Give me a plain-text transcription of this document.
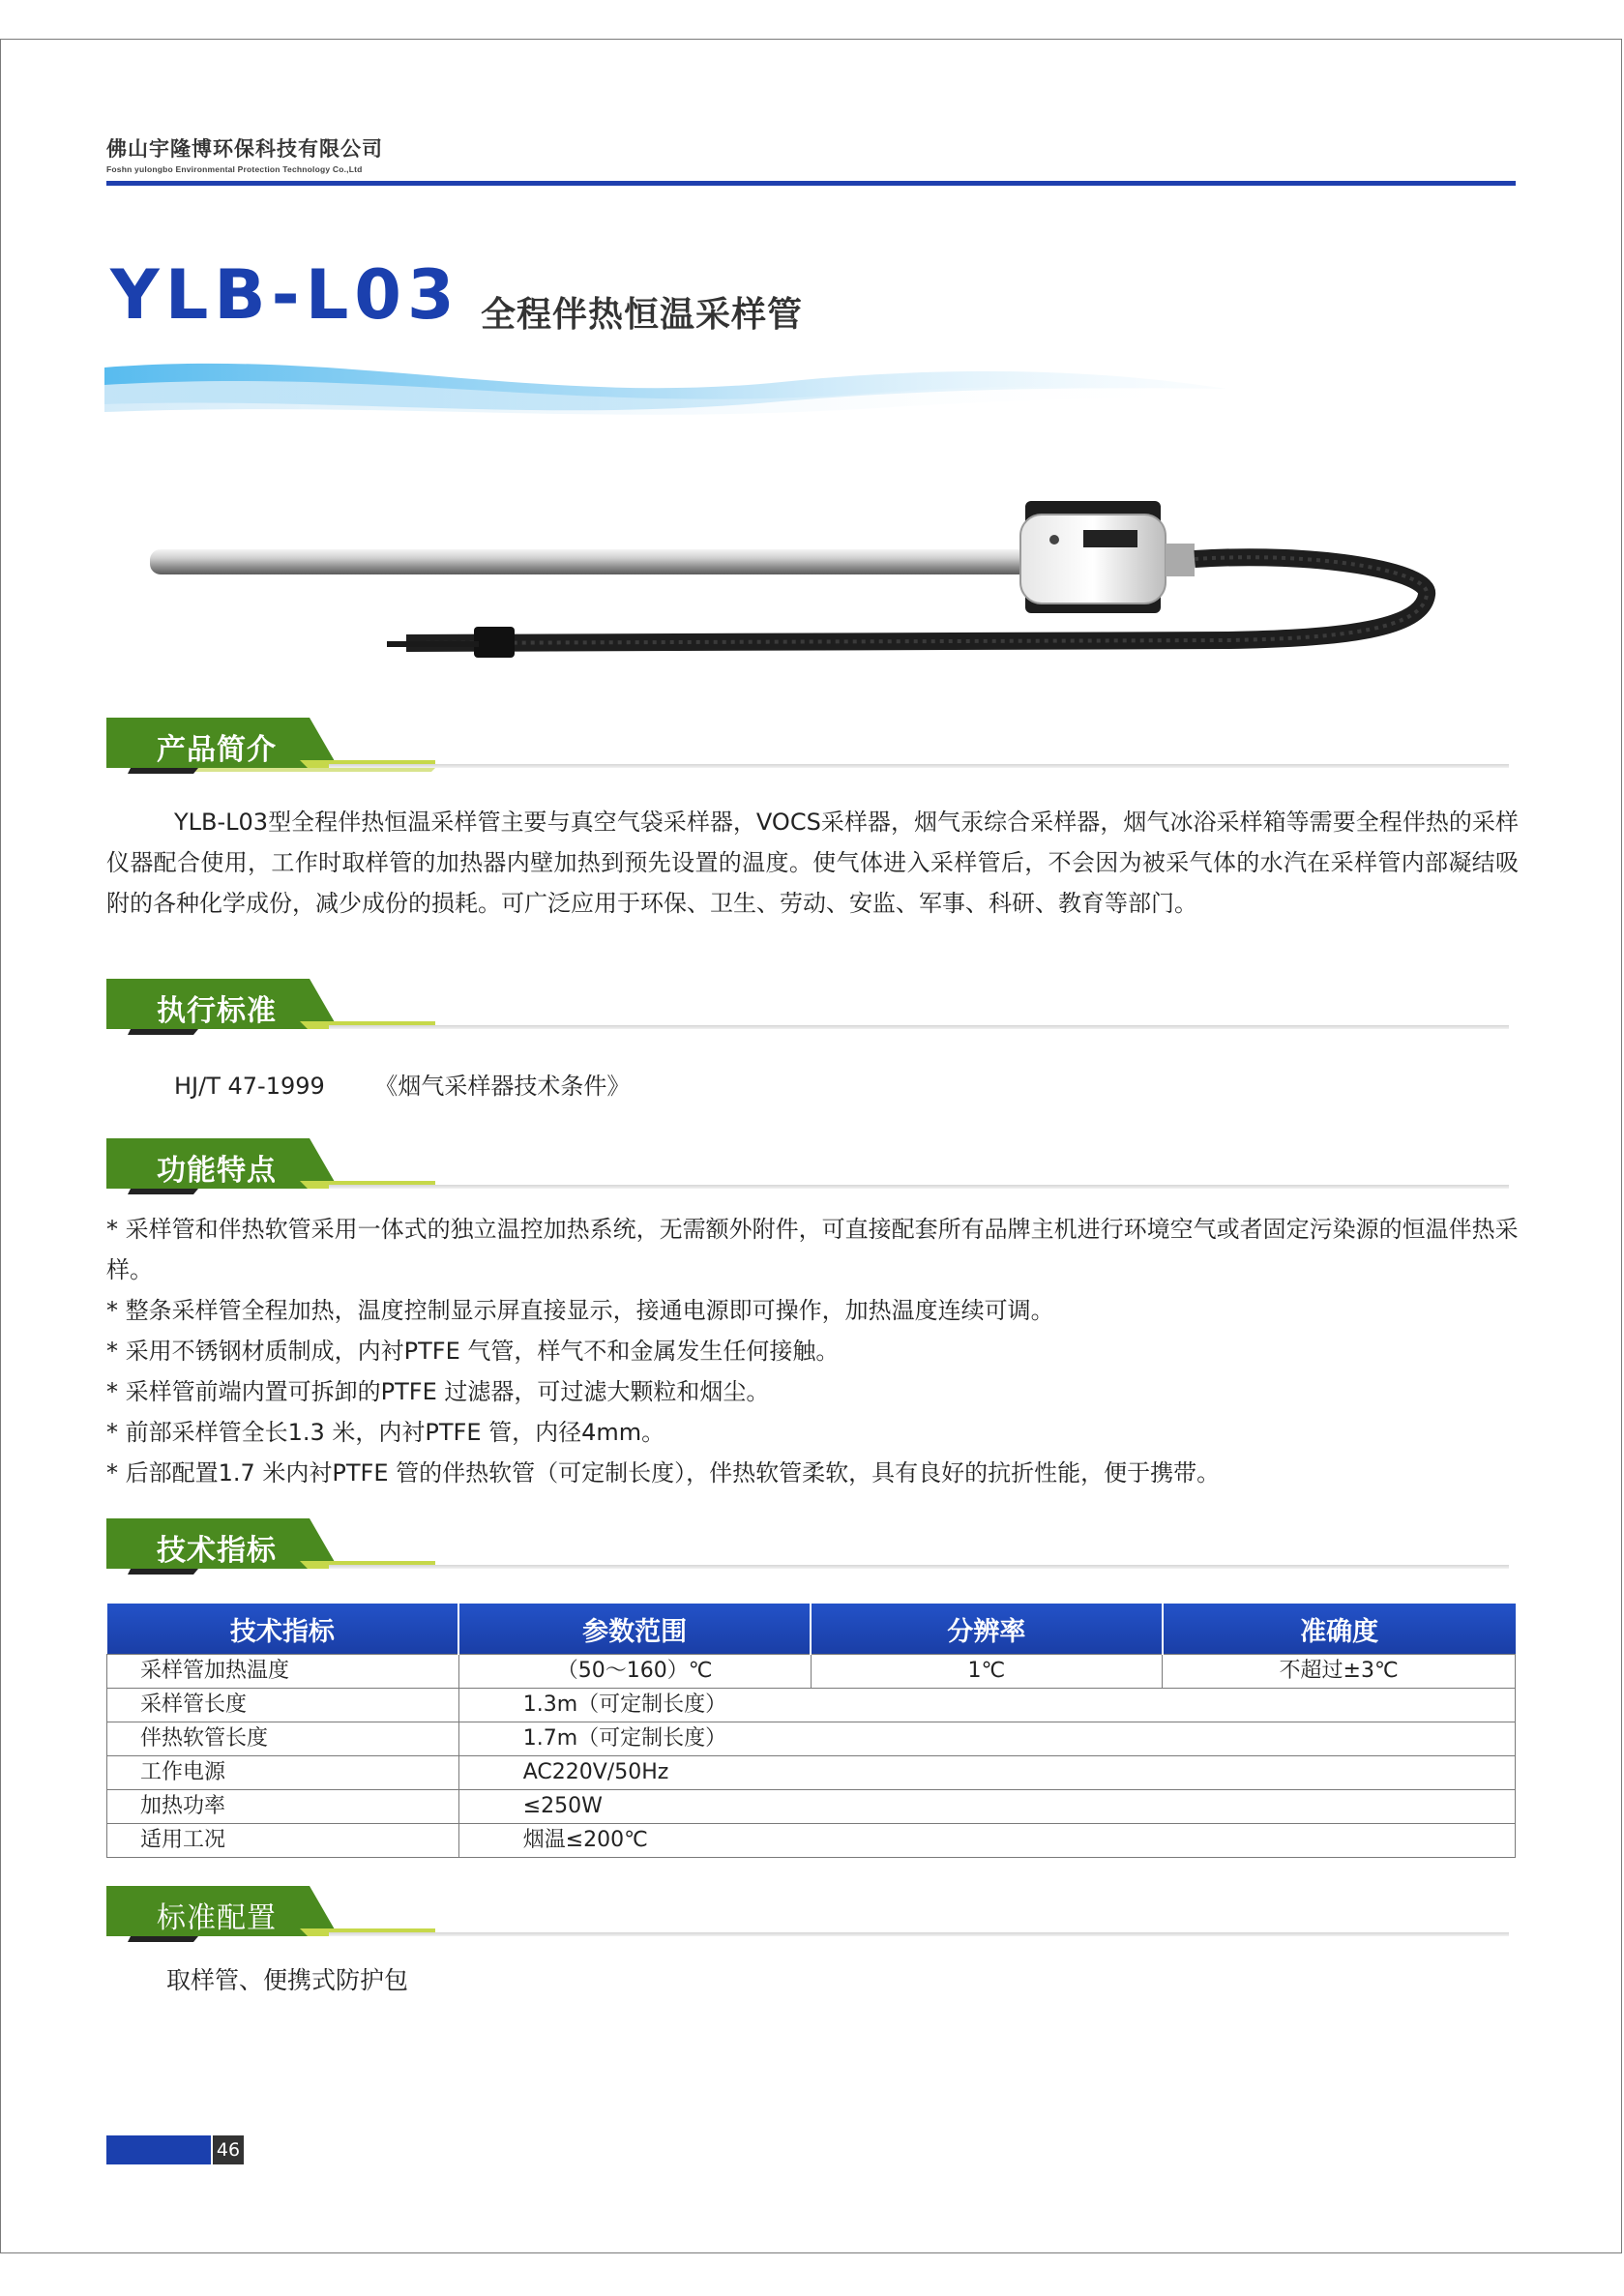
佛山宇隆博环保科技有限公司
Foshn yulongbo Environmental Protection Technology Co.,Ltd
YLB-L03 全程伴热恒温采样管
产品简介
YLB-L03型全程伴热恒温采样管主要与真空气袋采样器，VOCS采样器，烟气汞综合采样器，烟气冰浴采样箱等需要全程伴热的采样仪器配合使用，工作时取样管的加热器内壁加热到预先设置的温度。使气体进入采样管后，不会因为被采气体的水汽在采样管内部凝结吸附的各种化学成份，减少成份的损耗。可广泛应用于环保、卫生、劳动、安监、军事、科研、教育等部门。
执行标准
HJ/T 47-1999 《烟气采样器技术条件》
功能特点
* 采样管和伴热软管采用一体式的独立温控加热系统，无需额外附件，可直接配套所有品牌主机进行环境空气或者固定污染源的恒温伴热采样。
* 整条采样管全程加热，温度控制显示屏直接显示，接通电源即可操作，加热温度连续可调。
* 采用不锈钢材质制成，内衬PTFE 气管，样气不和金属发生任何接触。
* 采样管前端内置可拆卸的PTFE 过滤器，可过滤大颗粒和烟尘。
* 前部采样管全长1.3 米，内衬PTFE 管，内径4mm。
* 后部配置1.7 米内衬PTFE 管的伴热软管（可定制长度），伴热软管柔软，具有良好的抗折性能，便于携带。
技术指标
技术指标	参数范围	分辨率	准确度
采样管加热温度	（50～160）℃	1℃	不超过±3℃
采样管长度	1.3m（可定制长度）		
伴热软管长度	1.7m（可定制长度）		
工作电源	AC220V/50Hz		
加热功率	≤250W		
适用工况	烟温≤200℃		
标准配置
取样管、便携式防护包
46
